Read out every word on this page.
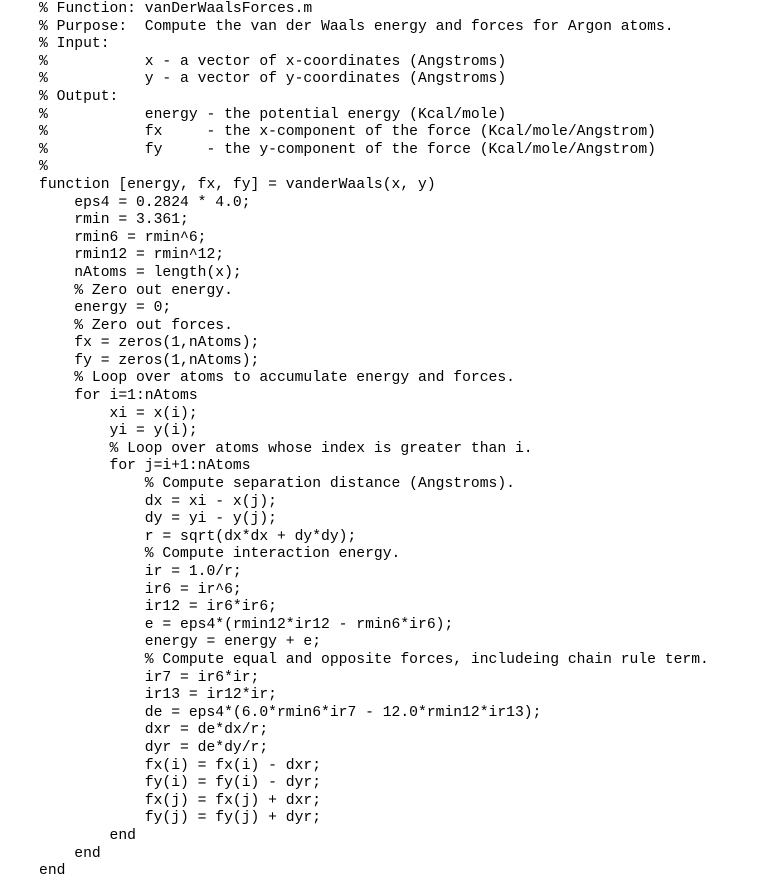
% Function: vanDerWaalsForces.m
% Purpose:  Compute the van der Waals energy and forces for Argon atoms.
% Input:
%           x - a vector of x-coordinates (Angstroms)
%           y - a vector of y-coordinates (Angstroms)
% Output:
%           energy - the potential energy (Kcal/mole)
%           fx     - the x-component of the force (Kcal/mole/Angstrom)
%           fy     - the y-component of the force (Kcal/mole/Angstrom)
%
function [energy, fx, fy] = vanderWaals(x, y)
eps4 = 0.2824 * 4.0;
rmin = 3.361;
rmin6 = rmin^6;
rmin12 = rmin^12;
nAtoms = length(x);
% Zero out energy.
energy = 0;
% Zero out forces.
fx = zeros(1,nAtoms);
fy = zeros(1,nAtoms);
% Loop over atoms to accumulate energy and forces.
for i=1:nAtoms
xi = x(i);
yi = y(i);
% Loop over atoms whose index is greater than i.
for j=i+1:nAtoms
% Compute separation distance (Angstroms).
dx = xi - x(j);
dy = yi - y(j);
r = sqrt(dx*dx + dy*dy);
% Compute interaction energy.
ir = 1.0/r;
ir6 = ir^6;
ir12 = ir6*ir6;
e = eps4*(rmin12*ir12 - rmin6*ir6);
energy = energy + e;
% Compute equal and opposite forces, includeing chain rule term.
ir7 = ir6*ir;
ir13 = ir12*ir;
de = eps4*(6.0*rmin6*ir7 - 12.0*rmin12*ir13);
dxr = de*dx/r;
dyr = de*dy/r;
fx(i) = fx(i) - dxr;
fy(i) = fy(i) - dyr;
fx(j) = fx(j) + dxr;
fy(j) = fy(j) + dyr;
end
end
end
